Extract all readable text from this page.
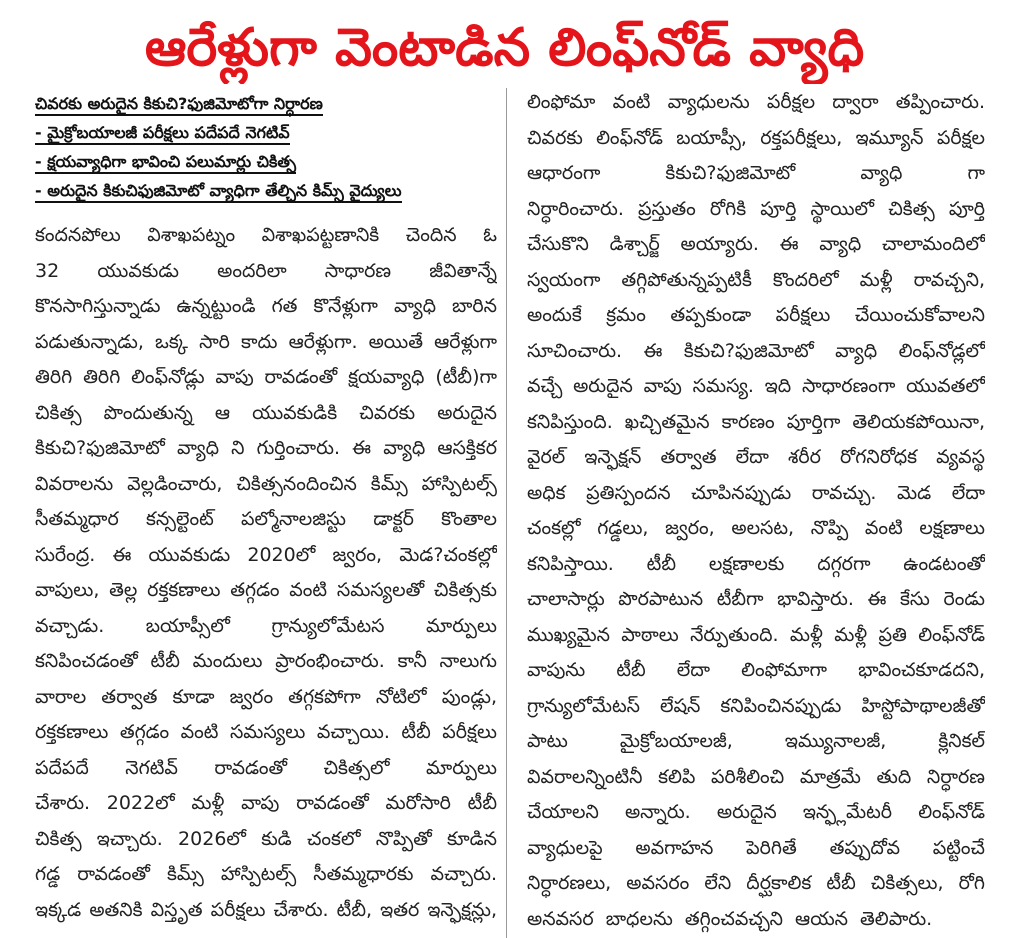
ఆరేళ్లుగా వెంటాడిన లింఫ్‌నోడ్ వ్యాధి
చివరకు అరుదైన కికుచి?ఫుజిమోటోగా నిర్ధారణ
- మైక్రోబయాలజీ పరీక్షలు పదేపదే నెగటివ్
- క్షయవ్యాధిగా భావించి పలుమార్లు చికిత్స
- అరుదైన కికుచిఫుజిమోటో వ్యాధిగా తేల్చిన కిమ్స్ వైద్యులు
కందనపోలు విశాఖపట్నం విశాఖపట్టణానికి చెందిన ఓ
32 యువకుడు అందరిలా సాధారణ జీవితాన్నే
కొనసాగిస్తున్నాడు ఉన్నట్టుండి గత కొనేళ్లుగా వ్యాధి బారిన
పడుతున్నాడు, ఒక్క సారి కాదు ఆరేళ్లుగా. అయితే ఆరేళ్లుగా
తిరిగి తిరిగి లింఫ్‌నోడ్లు వాపు రావడంతో క్షయవ్యాధి (టీబీ)గా
చికిత్స పొందుతున్న ఆ యువకుడికి చివరకు అరుదైన
కికుచి?ఫుజిమోటో వ్యాధి ని గుర్తించారు. ఈ వ్యాధి ఆసక్తికర
వివరాలను వెల్లడించారు, చికిత్సనందించిన కిమ్స్ హాస్పిటల్స్
సీతమ్మధార కన్సల్టెంట్ పల్మోనాలజిస్టు డాక్టర్ కొంతాల
సురేంద్ర. ఈ యువకుడు 2020లో జ్వరం, మెడ?చంకల్లో
వాపులు, తెల్ల రక్తకణాలు తగ్గడం వంటి సమస్యలతో చికిత్సకు
వచ్చాడు. బయాప్సీలో గ్రాన్యులోమేటస మార్పులు
కనిపించడంతో టీబీ మందులు ప్రారంభించారు. కానీ నాలుగు
వారాల తర్వాత కూడా జ్వరం తగ్గకపోగా నోటిలో పుండ్లు,
రక్తకణాలు తగ్గడం వంటి సమస్యలు వచ్చాయి. టీబీ పరీక్షలు
పదేపదే నెగటివ్ రావడంతో చికిత్సలో మార్పులు
చేశారు. 2022లో మళ్లీ వాపు రావడంతో మరోసారి టీబీ
చికిత్స ఇచ్చారు. 2026లో కుడి చంకలో నొప్పితో కూడిన
గడ్డ రావడంతో కిమ్స్ హాస్పిటల్స్ సీతమ్మధారకు వచ్చారు.
ఇక్కడ అతనికి విస్తృత పరీక్షలు చేశారు. టీబీ, ఇతర ఇన్ఫెక్షన్లు,
లింఫోమా వంటి వ్యాధులను పరీక్షల ద్వారా తప్పించారు.
చివరకు లింఫ్‌నోడ్ బయాప్సీ, రక్తపరీక్షలు, ఇమ్యూన్ పరీక్షల
ఆధారంగా కికుచి?ఫుజిమోటో వ్యాధి గా
నిర్ధారించారు. ప్రస్తుతం రోగికి పూర్తి స్థాయిలో చికిత్స పూర్తి
చేసుకొని డిశ్చార్జ్ అయ్యారు. ఈ వ్యాధి చాలామందిలో
స్వయంగా తగ్గిపోతున్నప్పటికీ కొందరిలో మళ్లీ రావచ్చని,
అందుకే క్రమం తప్పకుండా పరీక్షలు చేయించుకోవాలని
సూచించారు. ఈ కికుచి?ఫుజిమోటో వ్యాధి లింఫ్‌నోడ్లలో
వచ్చే అరుదైన వాపు సమస్య. ఇది సాధారణంగా యువతలో
కనిపిస్తుంది. ఖచ్చితమైన కారణం పూర్తిగా తెలియకపోయినా,
వైరల్ ఇన్ఫెక్షన్ తర్వాత లేదా శరీర రోగనిరోధక వ్యవస్థ
అధిక ప్రతిస్పందన చూపినప్పుడు రావచ్చు. మెడ లేదా
చంకల్లో గడ్డలు, జ్వరం, అలసట, నొప్పి వంటి లక్షణాలు
కనిపిస్తాయి. టీబీ లక్షణాలకు దగ్గరగా ఉండటంతో
చాలాసార్లు పొరపాటున టీబీగా భావిస్తారు. ఈ కేసు రెండు
ముఖ్యమైన పాఠాలు నేర్పుతుంది. మళ్లీ మళ్లీ ప్రతి లింఫ్‌నోడ్
వాపును టీబీ లేదా లింఫోమాగా భావించకూడదని,
గ్రాన్యులోమేటస్ లేషన్ కనిపించినప్పుడు హిస్టోపాథాలజీతో
పాటు మైక్రోబయాలజీ, ఇమ్యునాలజీ, క్లినికల్
వివరాలన్నింటినీ కలిపి పరిశీలించి మాత్రమే తుది నిర్ధారణ
చేయాలని అన్నారు. అరుదైన ఇన్ఫ్లమేటరీ లింఫ్‌నోడ్
వ్యాధులపై అవగాహన పెరిగితే తప్పుదోవ పట్టించే
నిర్ధారణలు, అవసరం లేని దీర్ఘకాలిక టీబీ చికిత్సలు, రోగి
అనవసర బాధలను తగ్గించవచ్చని ఆయన తెలిపారు.
